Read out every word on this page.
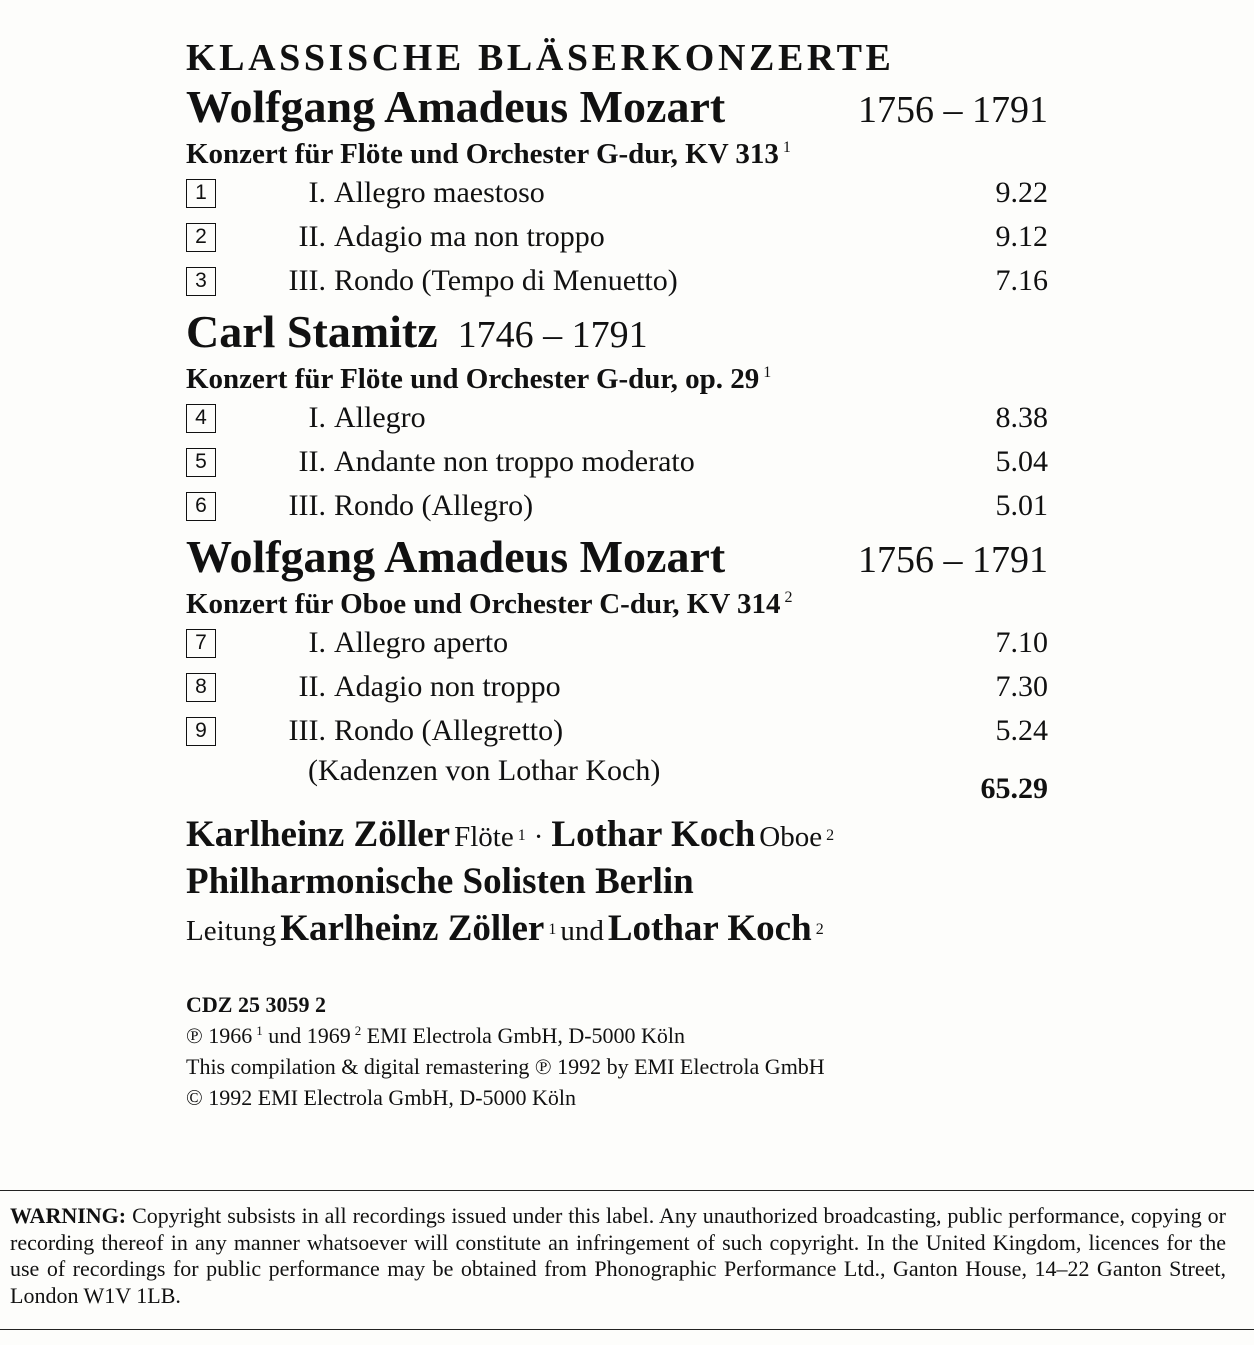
KLASSISCHE BLÄSERKONZERTE
Wolfgang Amadeus Mozart	1756 – 1791
Konzert für Flöte und Orchester G-dur, KV 313 $^1$
1	I. Allegro maestoso	9.22
2	II. Adagio ma non troppo	9.12
3	III. Rondo (Tempo di Menuetto)	7.16
Carl Stamitz 1746 – 1791
Konzert für Flöte und Orchester G-dur, op. 29 $^1$
4	I. Allegro	8.38
5	II. Andante non troppo moderato	5.04
6	III. Rondo (Allegro)	5.01
Wolfgang Amadeus Mozart	1756 – 1791
Konzert für Oboe und Orchester C-dur, KV 314 $^2$
7	I. Allegro aperto	7.10
8	II. Adagio non troppo	7.30
9	III. Rondo (Allegretto)	5.24
(Kadenzen von Lothar Koch)
65.29
Karlheinz Zöller Flöte $^1$ · Lothar Koch Oboe $^2$
Philharmonische Solisten Berlin
Leitung Karlheinz Zöller $^1$ und Lothar Koch $^2$
CDZ 25 3059 2
℗ 1966 $^1$ und 1969 $^2$ EMI Electrola GmbH, D-5000 Köln
This compilation & digital remastering ℗ 1992 by EMI Electrola GmbH
© 1992 EMI Electrola GmbH, D-5000 Köln
WARNING: Copyright subsists in all recordings issued under this label. Any unauthorized broadcasting, public performance, copying or recording thereof in any manner whatsoever will constitute an infringement of such copyright. In the United Kingdom, licences for the use of recordings for public performance may be obtained from Phonographic Performance Ltd., Ganton House, 14–22 Ganton Street, London W1V 1LB.
